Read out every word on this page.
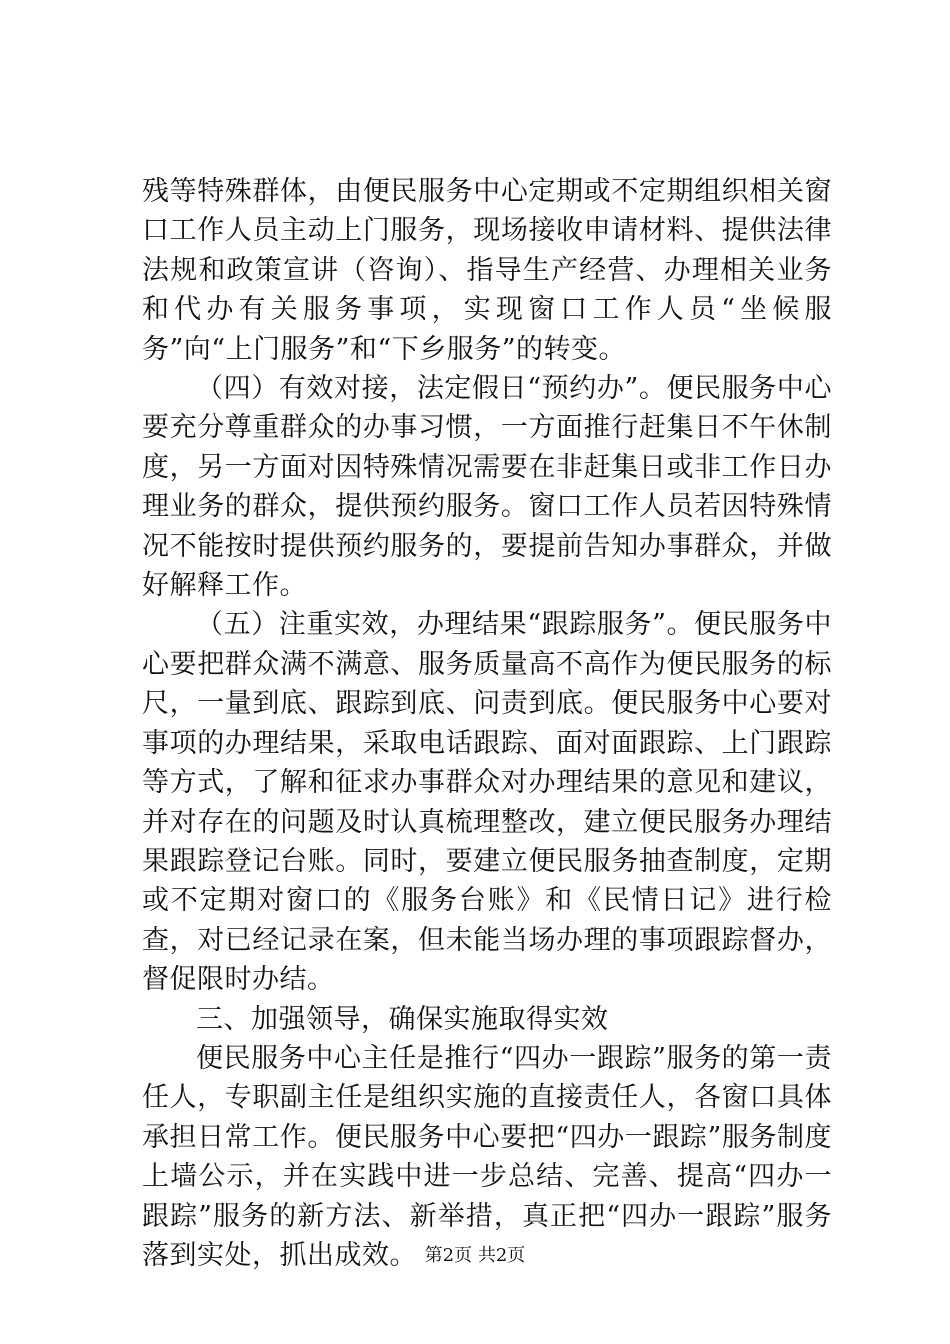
残等特殊群体，由便民服务中心定期或不定期组织相关窗口工作人员主动上门服务，现场接收申请材料、提供法律法规和政策宣讲（咨询）、指导生产经营、办理相关业务和代办有关服务事项，实现窗口工作人员“坐候服务”向“上门服务”和“下乡服务”的转变。

（四）有效对接，法定假日“预约办”。便民服务中心要充分尊重群众的办事习惯，一方面推行赶集日不午休制度，另一方面对因特殊情况需要在非赶集日或非工作日办理业务的群众，提供预约服务。窗口工作人员若因特殊情况不能按时提供预约服务的，要提前告知办事群众，并做好解释工作。

（五）注重实效，办理结果“跟踪服务”。便民服务中心要把群众满不满意、服务质量高不高作为便民服务的标尺，一量到底、跟踪到底、问责到底。便民服务中心要对事项的办理结果，采取电话跟踪、面对面跟踪、上门跟踪等方式，了解和征求办事群众对办理结果的意见和建议，并对存在的问题及时认真梳理整改，建立便民服务办理结果跟踪登记台账。同时，要建立便民服务抽查制度，定期或不定期对窗口的《服务台账》和《民情日记》进行检查，对已经记录在案，但未能当场办理的事项跟踪督办，督促限时办结。

三、加强领导，确保实施取得实效

便民服务中心主任是推行“四办一跟踪”服务的第一责任人，专职副主任是组织实施的直接责任人，各窗口具体承担日常工作。便民服务中心要把“四办一跟踪”服务制度上墙公示，并在实践中进一步总结、完善、提高“四办一跟踪”服务的新方法、新举措，真正把“四办一跟踪”服务落到实处，抓出成效。 第2页 共2页
